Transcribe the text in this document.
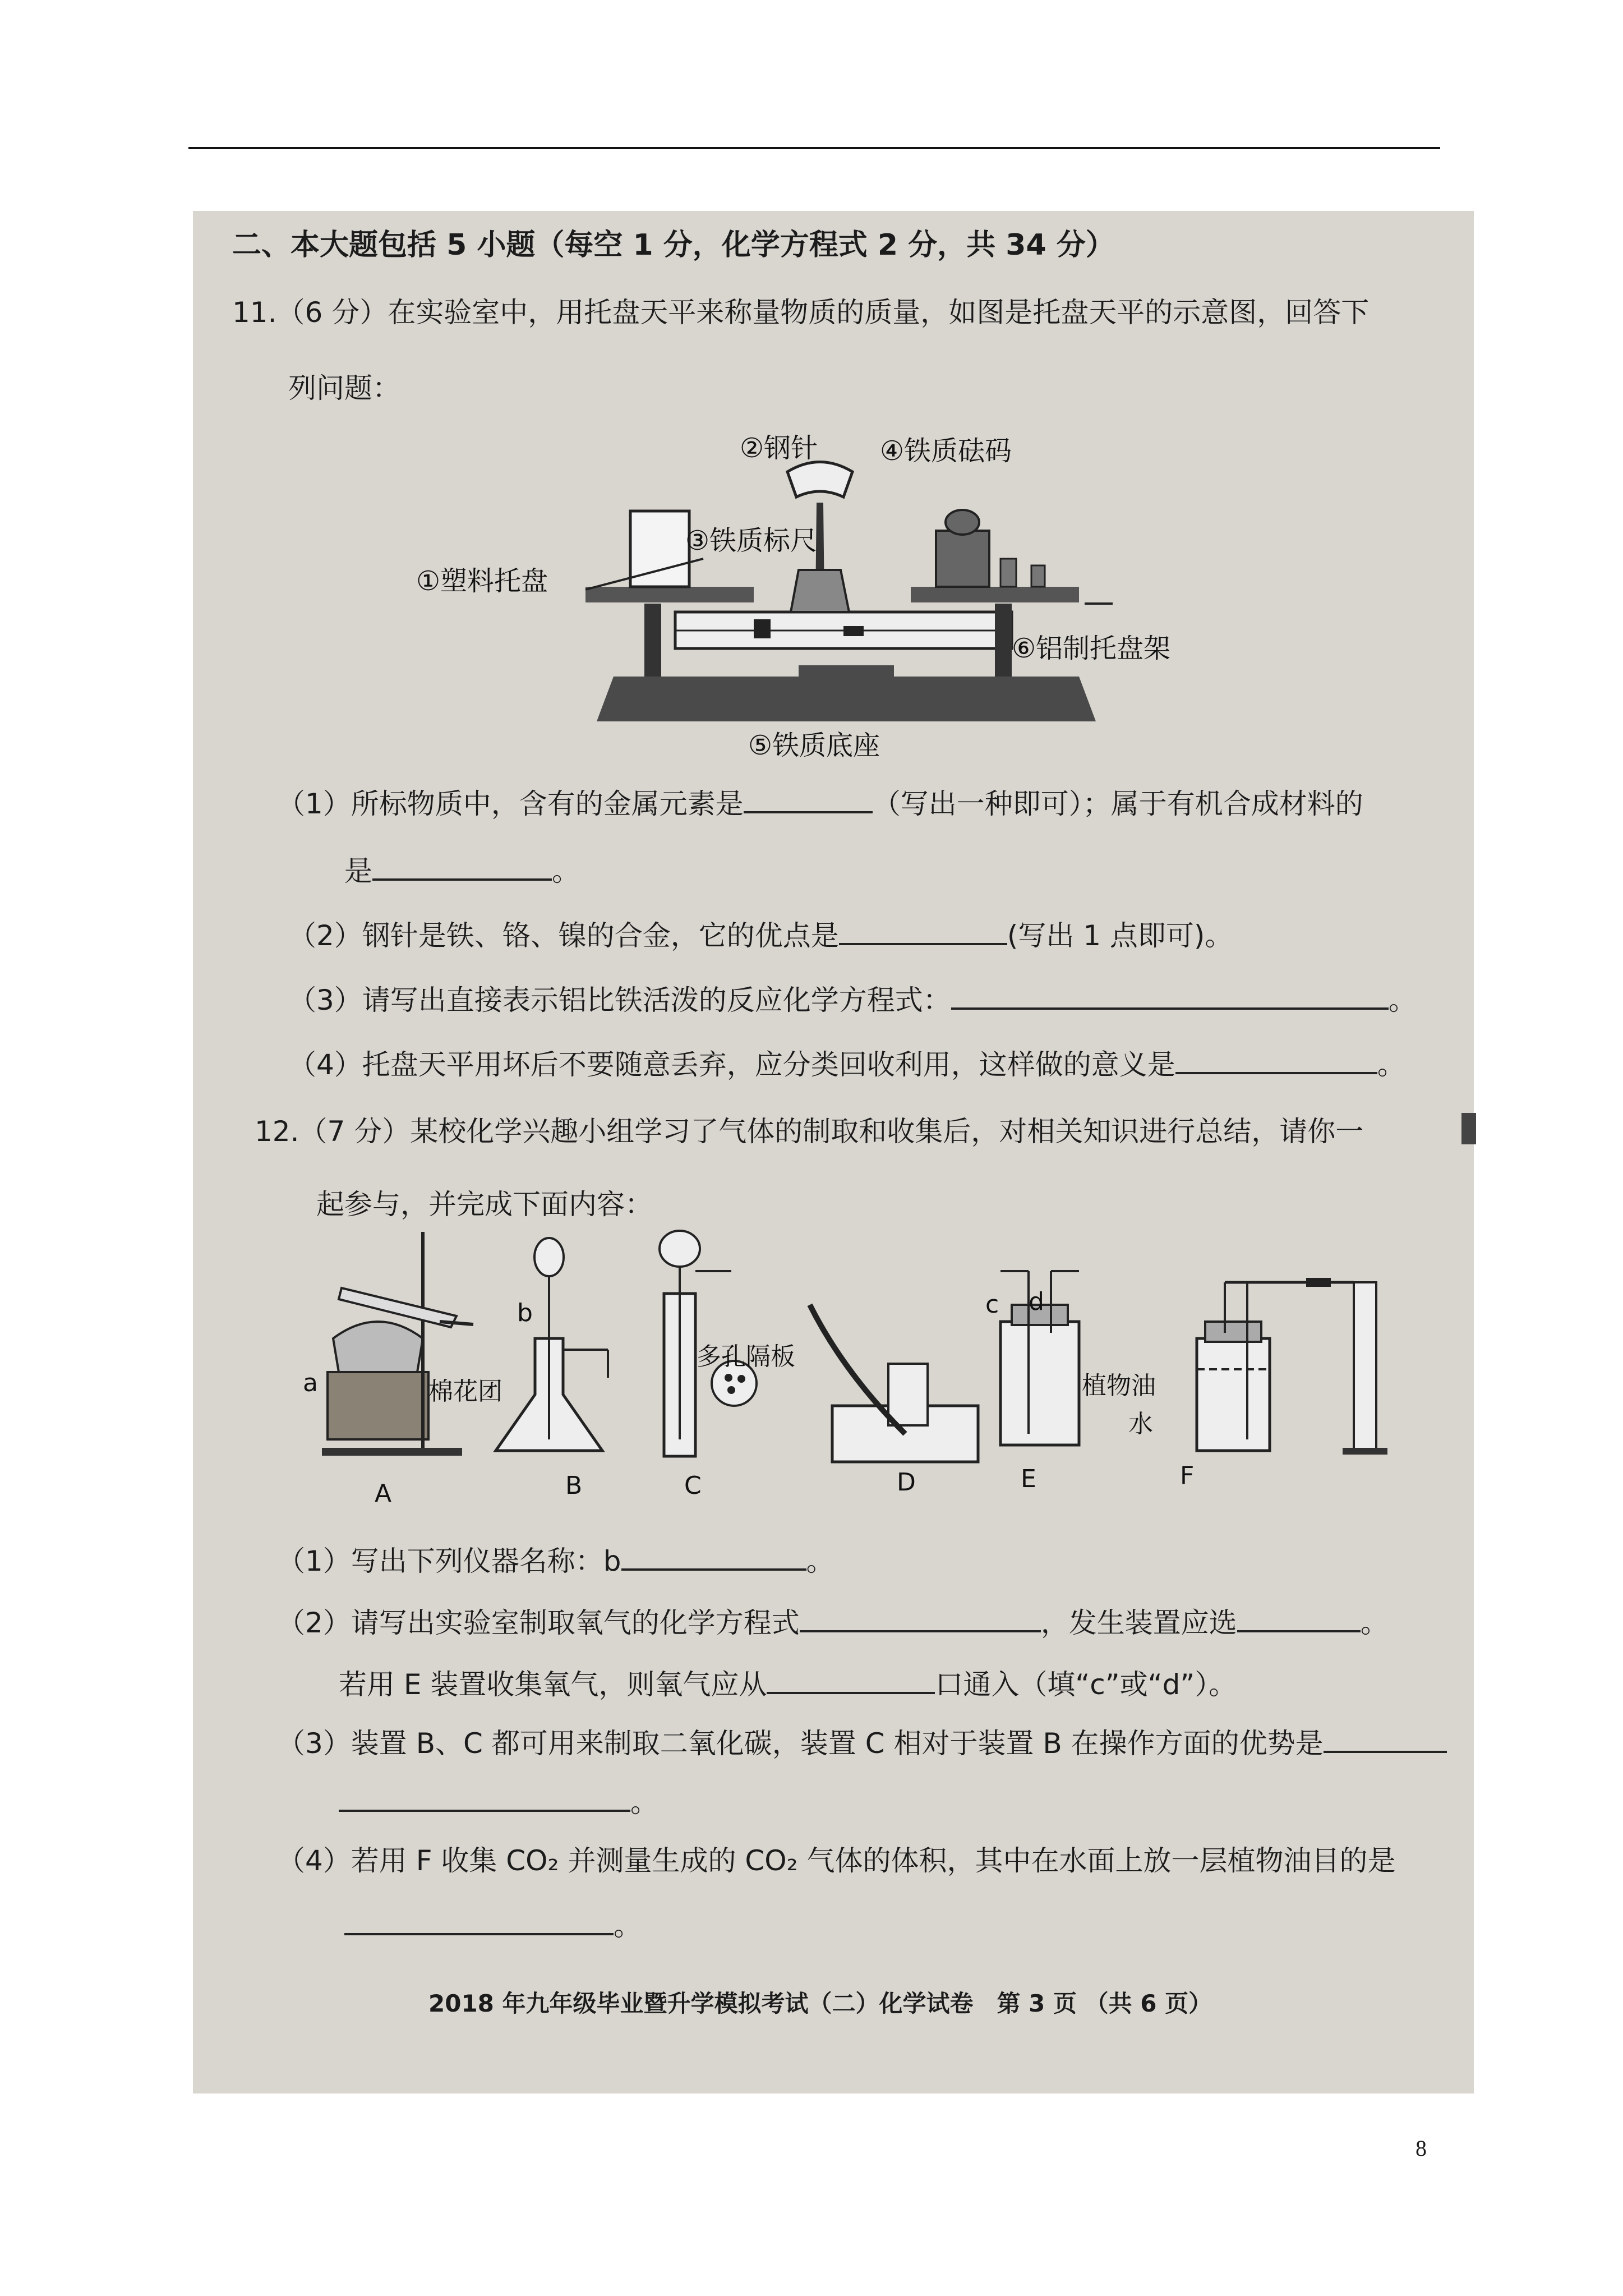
二、本大题包括 5 小题（每空 1 分，化学方程式 2 分，共 34 分）
11.（6 分）在实验室中，用托盘天平来称量物质的质量，如图是托盘天平的示意图，回答下
列问题：
①塑料托盘
②钢针
③铁质标尺
④铁质砝码
⑤铁质底座
⑥铝制托盘架
（1）所标物质中，含有的金属元素是	（写出一种即可）；属于有机合成材料的
是	。
（2）钢针是铁、铬、镍的合金，它的优点是	(写出 1 点即可)。
（3）请写出直接表示铝比铁活泼的反应化学方程式：	。
（4）托盘天平用坏后不要随意丢弃，应分类回收利用，这样做的意义是	。
12.（7 分）某校化学兴趣小组学习了气体的制取和收集后，对相关知识进行总结，请你一
起参与，并完成下面内容：
a
b	c d
棉花团
多孔隔板
植物油
水
A	B	C	D	E	F
（1）写出下列仪器名称：b	。
（2）请写出实验室制取氧气的化学方程式	，发生装置应选	。
若用 E 装置收集氧气，则氧气应从	口通入（填“c”或“d”）。
（3）装置 B、C 都可用来制取二氧化碳，装置 C 相对于装置 B 在操作方面的优势是
。
（4）若用 F 收集 CO₂ 并测量生成的 CO₂ 气体的体积，其中在水面上放一层植物油目的是
。
2018 年九年级毕业暨升学模拟考试（二）化学试卷　第 3 页 （共 6 页）
8
